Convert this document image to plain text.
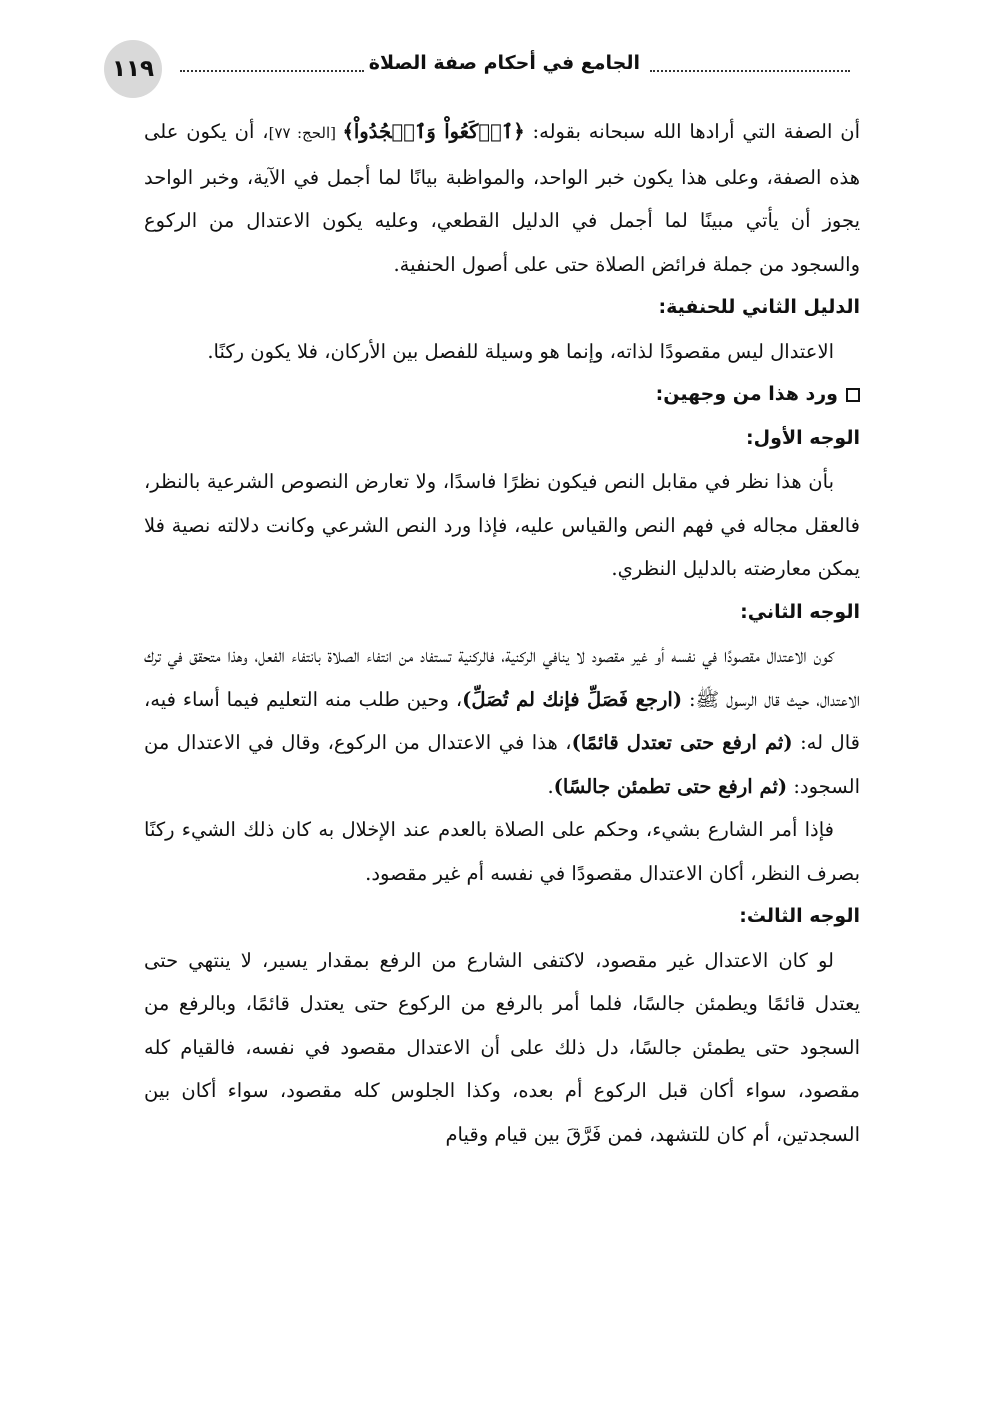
١١٩	الجامع في أحكام صفة الصلاة

أن الصفة التي أرادها الله سبحانه بقوله: ﴿ٱرۡكَعُواْ وَٱسۡجُدُواْ﴾ [الحج: ٧٧]، أن يكون على هذه الصفة، وعلى هذا يكون خبر الواحد، والمواظبة بيانًا لما أجمل في الآية، وخبر الواحد يجوز أن يأتي مبينًا لما أجمل في الدليل القطعي، وعليه يكون الاعتدال من الركوع والسجود من جملة فرائض الصلاة حتى على أصول الحنفية.

الدليل الثاني للحنفية:

الاعتدال ليس مقصودًا لذاته، وإنما هو وسيلة للفصل بين الأركان، فلا يكون ركنًا.

ورد هذا من وجهين:

الوجه الأول:

بأن هذا نظر في مقابل النص فيكون نظرًا فاسدًا، ولا تعارض النصوص الشرعية بالنظر، فالعقل مجاله في فهم النص والقياس عليه، فإذا ورد النص الشرعي وكانت دلالته نصية فلا يمكن معارضته بالدليل النظري.

الوجه الثاني:

كون الاعتدال مقصودًا في نفسه أو غير مقصود لا ينافي الركنية، فالركنية تستفاد من انتفاء الصلاة بانتفاء الفعل، وهذا متحقق في ترك الاعتدال، حيث قال الرسول ﷺ: (ارجع فَصَلِّ فإنك لم تُصَلِّ)، وحين طلب منه التعليم فيما أساء فيه، قال له: (ثم ارفع حتى تعتدل قائمًا)، هذا في الاعتدال من الركوع، وقال في الاعتدال من السجود: (ثم ارفع حتى تطمئن جالسًا).

فإذا أمر الشارع بشيء، وحكم على الصلاة بالعدم عند الإخلال به كان ذلك الشيء ركنًا بصرف النظر، أكان الاعتدال مقصودًا في نفسه أم غير مقصود.

الوجه الثالث:

لو كان الاعتدال غير مقصود، لاكتفى الشارع من الرفع بمقدار يسير، لا ينتهي حتى يعتدل قائمًا ويطمئن جالسًا، فلما أمر بالرفع من الركوع حتى يعتدل قائمًا، وبالرفع من السجود حتى يطمئن جالسًا، دل ذلك على أن الاعتدال مقصود في نفسه، فالقيام كله مقصود، سواء أكان قبل الركوع أم بعده، وكذا الجلوس كله مقصود، سواء أكان بين السجدتين، أم كان للتشهد، فمن فَرَّقَ بين قيام وقيام
